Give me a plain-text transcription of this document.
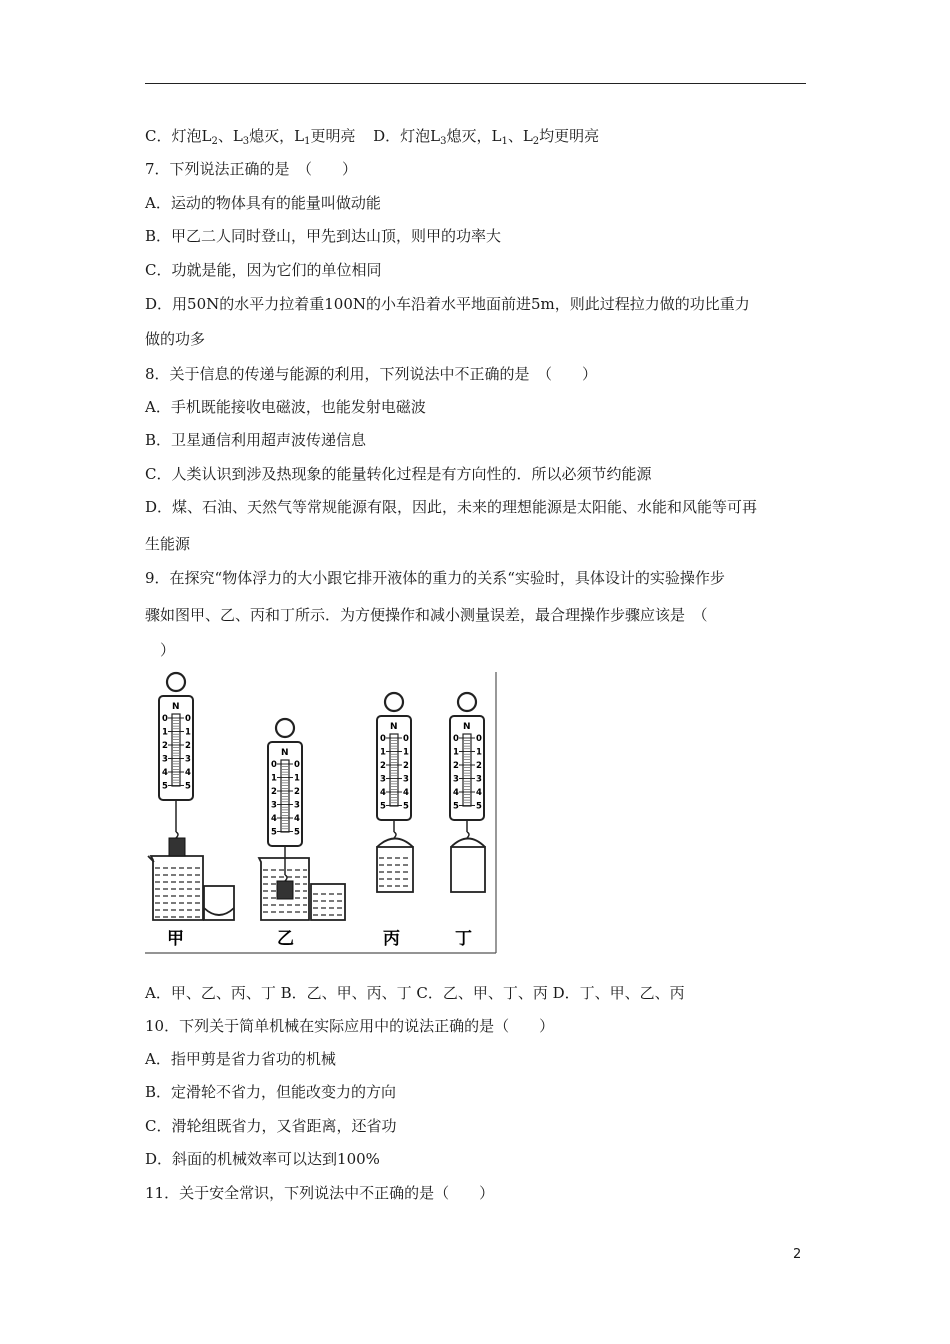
C．灯泡$L_2$、$L_3$熄灭，$L_1$更明亮 D．灯泡$L_3$熄灭，$L_1$、$L_2$均更明亮
7．下列说法正确的是　（　　）
A．运动的物体具有的能量叫做动能
B．甲乙二人同时登山，甲先到达山顶，则甲的功率大
C．功就是能，因为它们的单位相同
D．用50N的水平力拉着重100N的小车沿着水平地面前进5m，则此过程拉力做的功比重力
做的功多
8．关于信息的传递与能源的利用，下列说法中不正确的是　（　　）
A．手机既能接收电磁波，也能发射电磁波
B．卫星通信利用超声波传递信息
C．人类认识到涉及热现象的能量转化过程是有方向性的．所以必须节约能源
D．煤、石油、天然气等常规能源有限，因此，未来的理想能源是太阳能、水能和风能等可再
生能源
9．在探究“物体浮力的大小跟它排开液体的重力的关系“实验时，具体设计的实验操作步
骤如图甲、乙、丙和丁所示．为方便操作和减小测量误差，最合理操作步骤应该是　（
　）
N
0 0
1 1
2 2
3 3
4 4
5 5
N
0 0
1 1
2 2
3 3
4 4
5 5
N
0 0
1 1
2 2
3 3
4 4
5 5
N
0 0
1 1
2 2
3 3
4 4
5 5
甲	乙	丙	丁
A．甲、乙、丙、丁 B．乙、甲、丙、丁 C．乙、甲、丁、丙 D．丁、甲、乙、丙
10．下列关于简单机械在实际应用中的说法正确的是（　　）
A．指甲剪是省力省功的机械
B．定滑轮不省力，但能改变力的方向
C．滑轮组既省力，又省距离，还省功
D．斜面的机械效率可以达到100%
11．关于安全常识，下列说法中不正确的是（　　）
2
